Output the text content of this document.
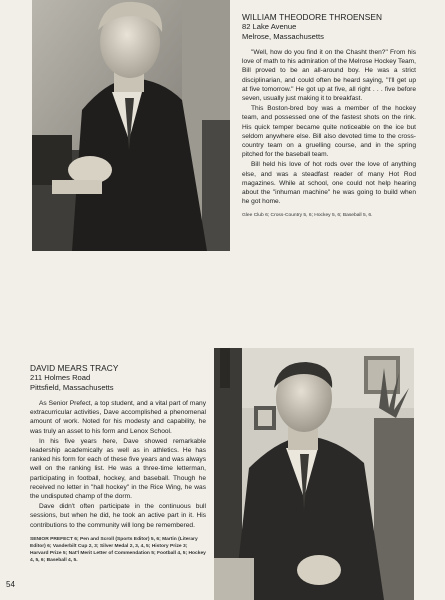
WILLIAM THEODORE THROENSEN
82 Lake Avenue
Melrose, Massachusetts

"Well, how do you find it on the Chasht then?" From his love of math to his admiration of the Melrose Hockey Team, Bill proved to be an all-around boy. He was a strict disciplinarian, and could often be heard saying, "I'll get up at five tomorrow." He got up at five, all right . . . five before seven, usually just making it to breakfast.

This Boston-bred boy was a member of the hockey team, and possessed one of the fastest shots on the rink. His quick temper became quite noticeable on the ice but seldom anywhere else. Bill also devoted time to the cross-country team on a gruelling course, and in the spring pitched for the baseball team.

Bill held his love of hot rods over the love of anything else, and was a steadfast reader of many Hot Rod magazines. While at school, one could not help hearing about the "inhuman machine" he was going to build when he got home.

Glee Club 6; Cross-Country 5, 6; Hockey 5, 6; Baseball 5, 6.
DAVID MEARS TRACY
211 Holmes Road
Pittsfield, Massachusetts

As Senior Prefect, a top student, and a vital part of many extracurricular activities, Dave accomplished a phenomenal amount of work. Noted for his modesty and capability, he was truly an asset to his form and Lenox School.

In his five years here, Dave showed remarkable leadership academically as well as in athletics. He has ranked his form for each of these five years and was always well on the ranking list. He was a three-time letterman, participating in football, hockey, and baseball. Though he received no letter in "hall hockey" in the Rice Wing, he was the undisputed champ of the dorm.

Dave didn't often participate in the continuous bull sessions, but when he did, he took an active part in it. His contributions to the community will long be remembered.

SENIOR PREFECT 6; Pen and Scroll (Sports Editor) 5, 6; Martin (Literary Editor) 6; Vanderbilt Cup 2, 3; Silver Medal 2, 3, 4, 5; History Prize 3; Harvard Prize 5; Nat'l Merit Letter of Commendation 5; Football 4, 5; Hockey 4, 5, 6; Baseball 4, 5.
54
